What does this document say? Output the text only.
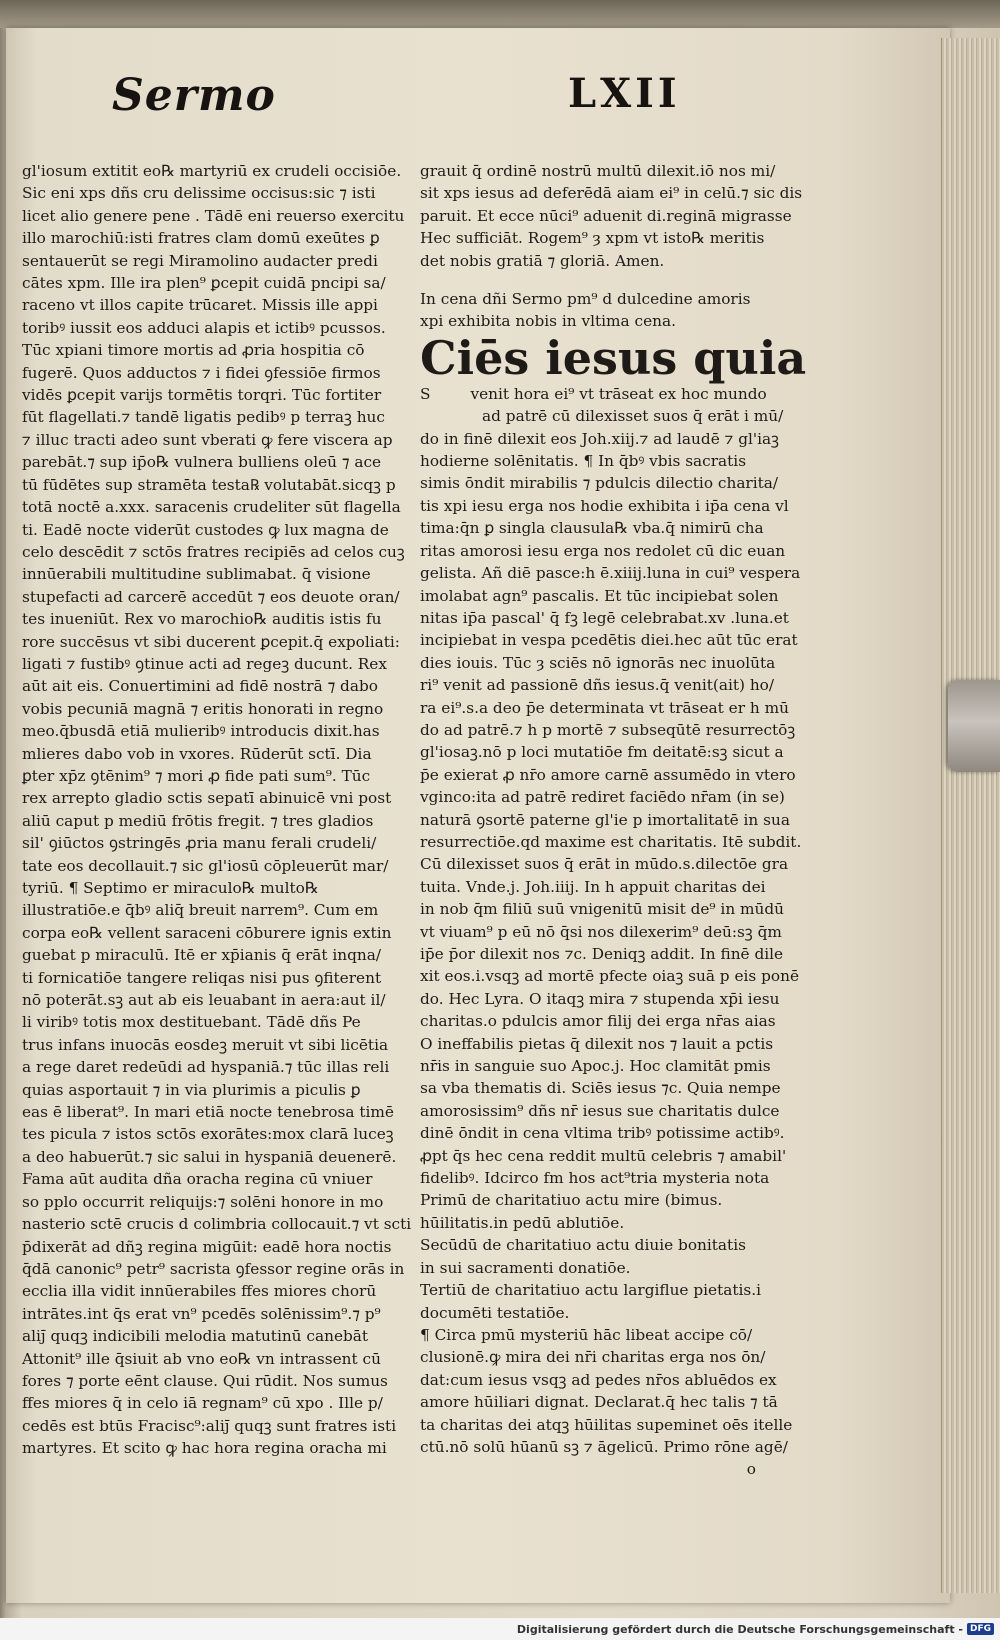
Sermo	LXII

gl'iosum extitit eo℞ martyriū ex crudeli occisiōe.

Sic eni xps dñs cru delissime occisus:sic ⁊ isti

licet alio genere pene . Tādē eni reuerso exercitu

illo marochiū:isti fratres clam domū exeūtes ꝑ

sentauerūt se regi Miramolino audacter predi

cātes xpm. Ille ira plen⁹ ꝑcepit cuidā pncipi sa/

raceno vt illos capite trūcaret. Missis ille appi

toribꝰ iussit eos adduci alapis et ictibꝰ pcussos.

Tūc xpiani timore mortis ad ꝓria hospitia cō

fugerē. Quos adductos ⁊ i fidei ꝯfessiōe firmos

vidēs ꝑcepit varijs tormētis torqri. Tūc fortiter

fūt flagellati.⁊ tandē ligatis pedibꝰ p terraꝫ huc

⁊ illuc tracti adeo sunt vberati ꝙ fere viscera ap

parebāt.⁊ sup ip̄o℞ vulnera bulliens oleū ⁊ ace

tū fūdētes sup stramēta testa℞ volutabāt.sicqꝫ p

totā noctē a.xxx. saracenis crudeliter sūt flagella

ti. Eadē nocte viderūt custodes ꝙ lux magna de

celo descēdit ⁊ sctōs fratres recipiēs ad celos cuꝫ

innūerabili multitudine sublimabat. q̄ visione

stupefacti ad carcerē accedūt ⁊ eos deuote oran/

tes inueniūt. Rex vo marochio℞ auditis istis fu

rore succēsus vt sibi ducerent ꝑcepit.q̄ expoliati:

ligati ⁊ fustibꝰ ꝯtinue acti ad regeꝫ ducunt. Rex

aūt ait eis. Conuertimini ad fidē nostrā ⁊ dabo

vobis pecuniā magnā ⁊ eritis honorati in regno

meo.q̄busdā etiā mulieribꝰ introducis dixit.has

mlieres dabo vob in vxores. Rūderūt sctī. Dia

ꝑter xp̄z ꝯtēnim⁹ ⁊ mori ꝓ fide pati sum⁹. Tūc

rex arrepto gladio sctis sepatī abinuicē vni post

aliū caput p mediū frōtis fregit. ⁊ tres gladios

sil' ꝯiūctos ꝯstringēs ꝓria manu ferali crudeli/

tate eos decollauit.⁊ sic gl'iosū cōpleuerūt mar/

tyriū. ¶ Septimo er miraculo℞ multo℞

illustratiōe.e q̄bꝰ aliq̄ breuit narrem⁹. Cum em

corpa eo℞ vellent saraceni cōburere ignis extin

guebat p miraculū. Itē er xp̄ianis q̄ erāt inqna/

ti fornicatiōe tangere reliqas nisi pus ꝯfiterent

nō poterāt.sꝫ aut ab eis leuabant in aera:aut il/

li viribꝰ totis mox destituebant. Tādē dñs Pe

trus infans inuocās eosdeꝫ meruit vt sibi licētia

a rege daret redeūdi ad hyspaniā.⁊ tūc illas reli

quias asportauit ⁊ in via plurimis a piculis ꝑ

eas ē liberat⁹. In mari etiā nocte tenebrosa timē

tes picula ⁊ istos sctōs exorātes:mox clarā luceꝫ

a deo habuerūt.⁊ sic salui in hyspaniā deuenerē.

Fama aūt audita dña oracha regina cū vniuer

so pplo occurrit reliquijs:⁊ solēni honore in mo

nasterio sctē crucis d colimbria collocauit.⁊ vt scti

p̄dixerāt ad dñꝫ regina migūit: eadē hora noctis

q̄dā canonic⁹ petr⁹ sacrista ꝯfessor regine orās in

ecclia illa vidit innūerabiles ffes miores chorū

intrātes.int q̄s erat vn⁹ pcedēs solēnissim⁹.⁊ p⁹

aliȷ̄ quqꝫ indicibili melodia matutinū canebāt

Attonit⁹ ille q̄siuit ab vno eo℞ vn intrassent cū

fores ⁊ porte eēnt clause. Qui rūdit. Nos sumus

ffes miores q̄ in celo iā regnam⁹ cū xpo . Ille p/

cedēs est btūs Fracisc⁹:aliȷ̄ quqꝫ sunt fratres isti

martyres. Et scito ꝙ hac hora regina oracha mi

grauit q̄ ordinē nostrū multū dilexit.iō nos mi/

sit xps iesus ad deferēdā aiam ei⁹ in celū.⁊ sic dis

paruit. Et ecce nūci⁹ aduenit di.reginā migrasse

Hec sufficiāt. Rogem⁹ ȝ xpm vt isto℞ meritis

det nobis gratiā ⁊ gloriā. Amen.

In cena dñi Sermo pm⁹ d dulcedine amoris

xpi exhibita nobis in vltima cena.

Ciēs iesus quia

S	venit hora ei⁹ vt trāseat ex hoc mundo

ad patrē cū dilexisset suos q̄ erāt i mū/

do in finē dilexit eos Joh.xiij.⁊ ad laudē ⁊ gl'iaꝫ

hodierne solēnitatis. ¶ In q̄bꝰ vbis sacratis

simis ōndit mirabilis ⁊ pdulcis dilectio charita/

tis xpi iesu erga nos hodie exhibita i ip̄a cena vl

tima:q̄n ꝑ singla clausula℞ vba.q̄ nimirū cha

ritas amorosi iesu erga nos redolet cū dic euan

gelista. Añ diē pasce:h ē.xiiij.luna in cui⁹ vespera

imolabat agn⁹ pascalis. Et tūc incipiebat solen

nitas ip̄a pascal' q̄ fꝫ legē celebrabat.xv .luna.et

incipiebat in vespa pcedētis diei.hec aūt tūc erat

dies iouis. Tūc ȝ sciēs nō ignorās nec inuolūta

ri⁹ venit ad passionē dñs iesus.q̄ venit(ait) ho/

ra ei⁹.s.a deo p̄e determinata vt trāseat er h mū

do ad patrē.⁊ h p mortē ⁊ subseqūtē resurrectōꝫ

gl'iosaꝫ.nō p loci mutatiōe fm deitatē:sꝫ sicut a

p̄e exierat ꝓ nr̄o amore carnē assumēdo in vtero

vginco:ita ad patrē rediret faciēdo nr̄am (in se)

naturā ꝯsortē paterne gl'ie p imortalitatē in sua

resurrectiōe.qd maxime est charitatis. Itē subdit.

Cū dilexisset suos q̄ erāt in mūdo.s.dilectōe gra

tuita. Vnde.j. Joh.iiij. In h appuit charitas dei

in nob q̄m filiū suū vnigenitū misit de⁹ in mūdū

vt viuam⁹ p eū nō q̄si nos dilexerim⁹ deū:sꝫ q̄m

ip̄e p̄or dilexit nos ⁊c. Deniqꝫ addit. In finē dile

xit eos.i.vsqꝫ ad mortē pfecte oiaꝫ suā p eis ponē

do. Hec Lyra. O itaqꝫ mira ⁊ stupenda xp̄i iesu

charitas.o pdulcis amor filij dei erga nr̄as aias

O ineffabilis pietas q̄ dilexit nos ⁊ lauit a pctis

nr̄is in sanguie suo Apoc.j. Hoc clamitāt pmis

sa vba thematis di. Sciēs iesus ⁊c. Quia nempe

amorosissim⁹ dñs nr̄ iesus sue charitatis dulce

dinē ōndit in cena vltima tribꝰ potissime actibꝰ.

ꝓpt q̄s hec cena reddit multū celebris ⁊ amabil'

fidelibꝰ. Idcirco fm hos act⁹tria mysteria nota

Primū de charitatiuo actu mire (bimus.

hūilitatis.in pedū ablutiōe.

Secūdū de charitatiuo actu diuie bonitatis

in sui sacramenti donatiōe.

Tertiū de charitatiuo actu largiflue pietatis.i

documēti testatiōe.

¶ Circa pmū mysteriū hāc libeat accipe cō/

clusionē.ꝙ mira dei nr̄i charitas erga nos ōn/

dat:cum iesus vsqꝫ ad pedes nr̄os abluēdos ex

amore hūiliari dignat. Declarat.q̄ hec talis ⁊ tā

ta charitas dei atqꝫ hūilitas supeminet oēs itelle

ctū.nō solū hūanū sꝫ ⁊ āgelicū. Primo rōne agē/

o

Digitalisierung gefördert durch die Deutsche Forschungsgemeinschaft - DFG
